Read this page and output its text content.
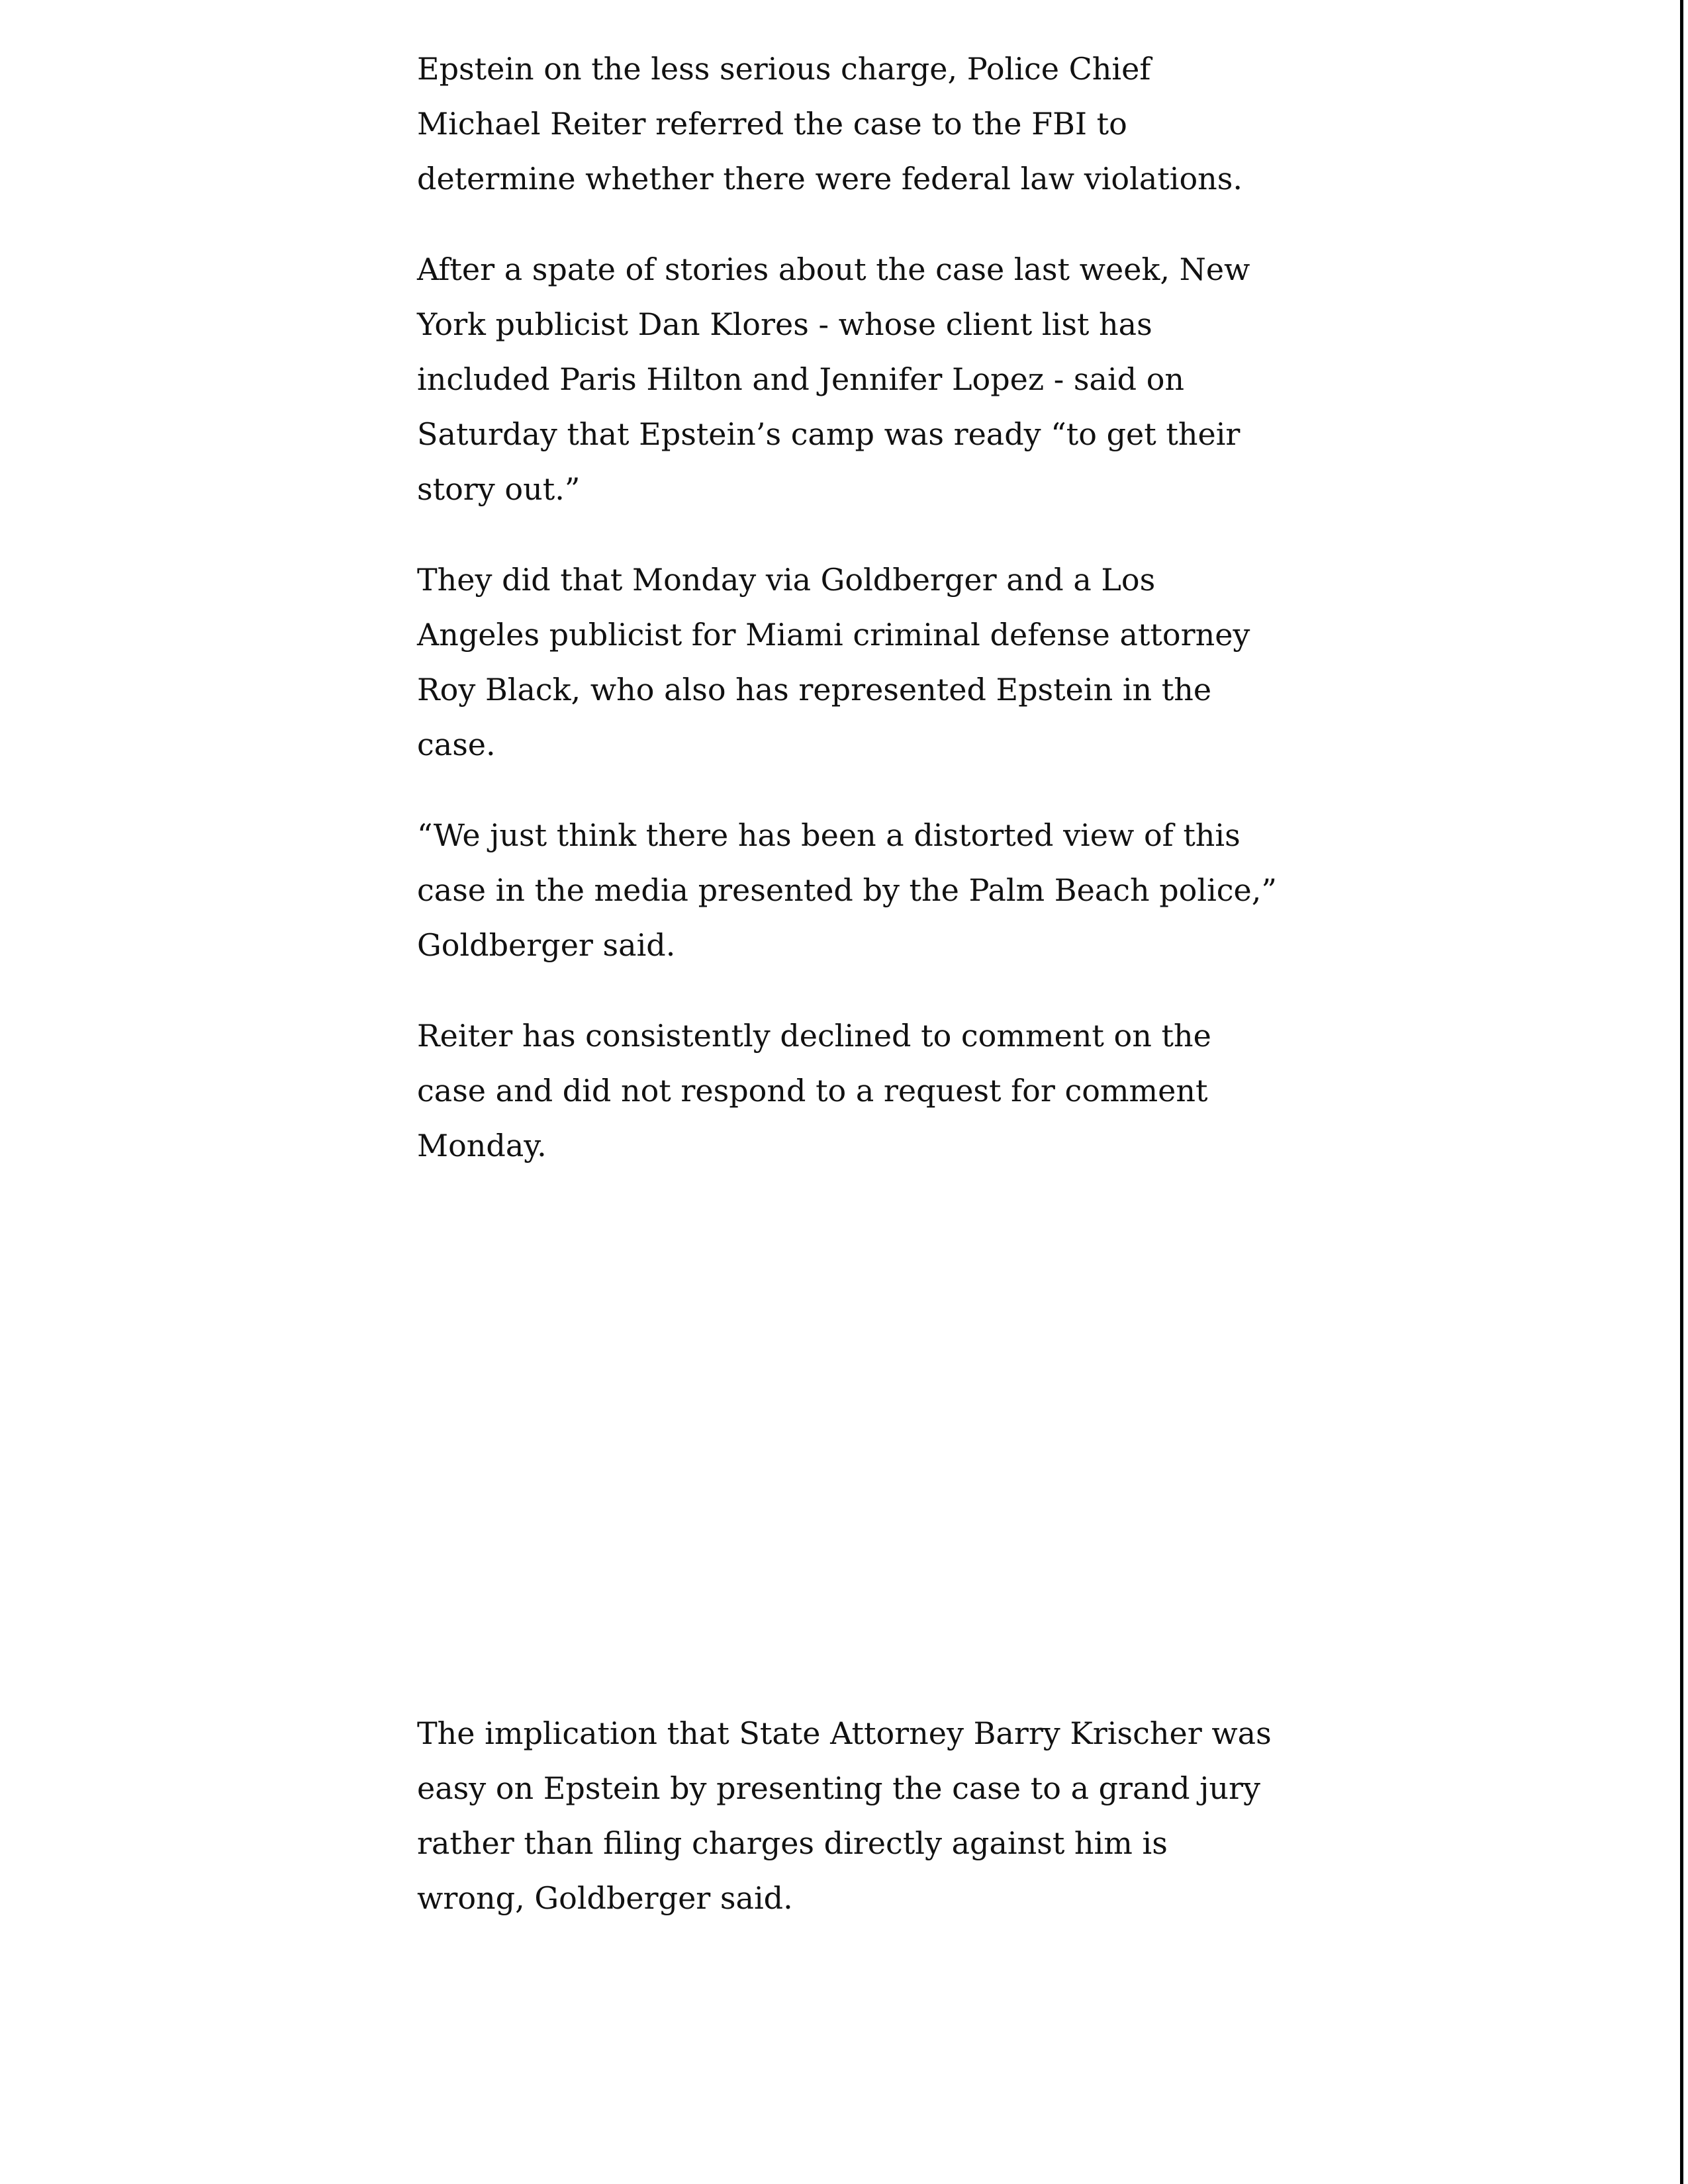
Epstein on the less serious charge, Police Chief Michael Reiter referred the case to the FBI to determine whether there were federal law violations.

After a spate of stories about the case last week, New York publicist Dan Klores - whose client list has included Paris Hilton and Jennifer Lopez - said on Saturday that Epstein’s camp was ready “to get their story out.”

They did that Monday via Goldberger and a Los Angeles publicist for Miami criminal defense attorney Roy Black, who also has represented Epstein in the case.

“We just think there has been a distorted view of this case in the media presented by the Palm Beach police,” Goldberger said.

Reiter has consistently declined to comment on the case and did not respond to a request for comment Monday.

The implication that State Attorney Barry Krischer was easy on Epstein by presenting the case to a grand jury rather than filing charges directly against him is wrong, Goldberger said.
